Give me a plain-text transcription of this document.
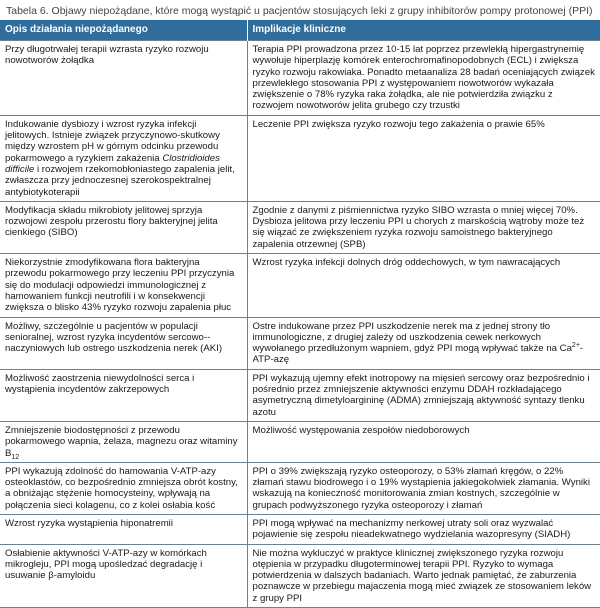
Tabela 6. Objawy niepożądane, które mogą wystąpić u pacjentów stosujących leki z grupy inhibitorów pompy protonowej (PPI)
Opis działania niepożądanego	Implikacje kliniczne
Przy długotrwałej terapii wzrasta ryzyko rozwoju nowotworów żołądka	Terapia PPI prowadzona przez 10-15 lat poprzez przewlekłą hipergastrynemię wywołuje hiperplazję komórek enterochromafinopodobnych (ECL) i zwiększa ryzyko rozwoju rakowiaka. Ponadto metaanaliza 28 badań oceniających związek przewlekłego stosowania PPI z występowaniem nowotworów wykazała zwiększenie o 78% ryzyka raka żołądka, ale nie potwierdziła związku z rozwojem nowotworów jelita grubego czy trzustki
Indukowanie dysbiozy i wzrost ryzyka infekcji jelitowych. Istnieje związek przyczynowo-skutkowy między wzrostem pH w górnym odcinku przewodu pokarmowego a ryzykiem zakażenia Clostridioides difficile i rozwojem rzekomobłoniastego zapalenia jelit, zwłaszcza przy jednoczesnej szerokospektralnej antybiotykoterapii	Leczenie PPI zwiększa ryzyko rozwoju tego zakażenia o prawie 65%
Modyfikacja składu mikrobioty jelitowej sprzyja rozwojowi zespołu przerostu flory bakteryjnej jelita cienkiego (SIBO)	Zgodnie z danymi z piśmiennictwa ryzyko SIBO wzrasta o mniej więcej 70%. Dysbioza jelitowa przy leczeniu PPI u chorych z marskością wątroby może też się wiązać ze zwiększeniem ryzyka rozwoju samoistnego bakteryjnego zapalenia otrzewnej (SPB)
Niekorzystnie zmodyfikowana flora bakteryjna przewodu pokarmowego przy leczeniu PPI przyczynia się do modulacji odpowiedzi immunologicznej z hamowaniem funkcji neutrofili i w konsekwencji zwiększa o blisko 43% ryzyko rozwoju zapalenia płuc	Wzrost ryzyka infekcji dolnych dróg oddechowych, w tym nawracających
Możliwy, szczególnie u pacjentów w populacji senioralnej, wzrost ryzyka incydentów sercowo--naczyniowych lub ostrego uszkodzenia nerek (AKI)	Ostre indukowane przez PPI uszkodzenie nerek ma z jednej strony tło immunologiczne, z drugiej zależy od uszkodzenia cewek nerkowych wywołanego przedłużonym wapniem, gdyż PPI mogą wpływać także na $Ca^{2+}-ATP$-azę
Możliwość zaostrzenia niewydolności serca i wystąpienia incydentów zakrzepowych	PPI wykazują ujemny efekt inotropowy na mięsień sercowy oraz bezpośrednio i pośrednio przez zmniejszenie aktywności enzymu DDAH rozkładającego asymetryczną dimetyloargininę (ADMA) zmniejszają aktywność syntazy tlenku azotu
Zmniejszenie biodostępności z przewodu pokarmowego wapnia, żelaza, magnezu oraz witaminy $B_{12}$	Możliwość występowania zespołów niedoborowych
PPI wykazują zdolność do hamowania V-ATP-azy osteoklastów, co bezpośrednio zmniejsza obrót kostny, a obniżając stężenie homocysteiny, wpływają na połączenia sieci kolagenu, co z kolei osłabia kość	PPI o 39% zwiększają ryzyko osteoporozy, o 53% złamań kręgów, o 22% złamań stawu biodrowego i o 19% wystąpienia jakiegokolwiek złamania. Wyniki wskazują na konieczność monitorowania zmian kostnych, szczególnie w grupach podwyższonego ryzyka osteoporozy i złamań
Wzrost ryzyka wystąpienia hiponatremii	PPI mogą wpływać na mechanizmy nerkowej utraty soli oraz wyzwalać pojawienie się zespołu nieadekwatnego wydzielania wazopresyny (SIADH)
Osłabienie aktywności V-ATP-azy w komórkach mikrogleju, PPI mogą upośledzać degradację i usuwanie β-amyloidu	Nie można wykluczyć w praktyce klinicznej zwiększonego ryzyka rozwoju otępienia w przypadku długoterminowej terapii PPI. Ryzyko to wymaga potwierdzenia w dalszych badaniach. Warto jednak pamiętać, że zaburzenia poznawcze w przebiegu majaczenia mogą mieć związek ze stosowaniem leków z grupy PPI
